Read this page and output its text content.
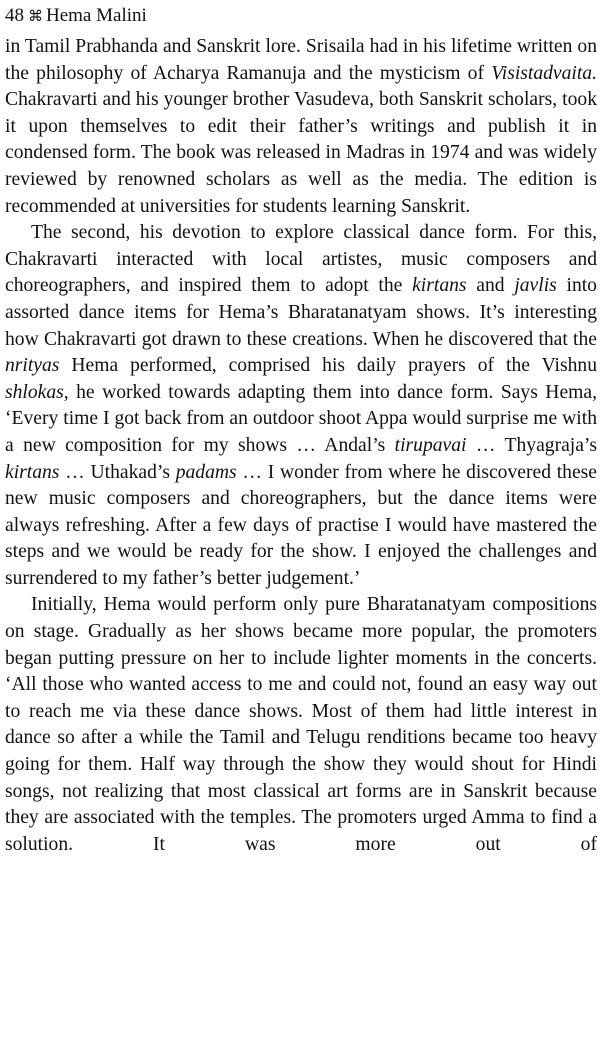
48 ⌘ Hema Malini

in Tamil Prabhanda and Sanskrit lore. Srisaila had in his lifetime written on the philosophy of Acharya Ramanuja and the mysticism of Visistadvaita. Chakravarti and his younger brother Vasudeva, both Sanskrit scholars, took it upon themselves to edit their father’s writings and publish it in condensed form. The book was released in Madras in 1974 and was widely reviewed by renowned scholars as well as the media. The edition is recommended at universities for students learning Sanskrit.

The second, his devotion to explore classical dance form. For this, Chakravarti interacted with local artistes, music composers and choreographers, and inspired them to adopt the kirtans and javlis into assorted dance items for Hema’s Bharatanatyam shows. It’s interesting how Chakravarti got drawn to these creations. When he discovered that the nrityas Hema performed, comprised his daily prayers of the Vishnu shlokas, he worked towards adapting them into dance form. Says Hema, ‘Every time I got back from an outdoor shoot Appa would surprise me with a new composition for my shows … Andal’s tirupavai … Thyagraja’s kirtans … Uthakad’s padams … I wonder from where he discovered these new music composers and choreographers, but the dance items were always refreshing. After a few days of practise I would have mastered the steps and we would be ready for the show. I enjoyed the challenges and surrendered to my father’s better judgement.’

Initially, Hema would perform only pure Bharatanatyam compositions on stage. Gradually as her shows became more popular, the promoters began putting pressure on her to include lighter moments in the concerts. ‘All those who wanted access to me and could not, found an easy way out to reach me via these dance shows. Most of them had little interest in dance so after a while the Tamil and Telugu renditions became too heavy going for them. Half way through the show they would shout for Hindi songs, not realizing that most classical art forms are in Sanskrit because they are associated with the temples. The promoters urged Amma to find a solution. It was more out of
